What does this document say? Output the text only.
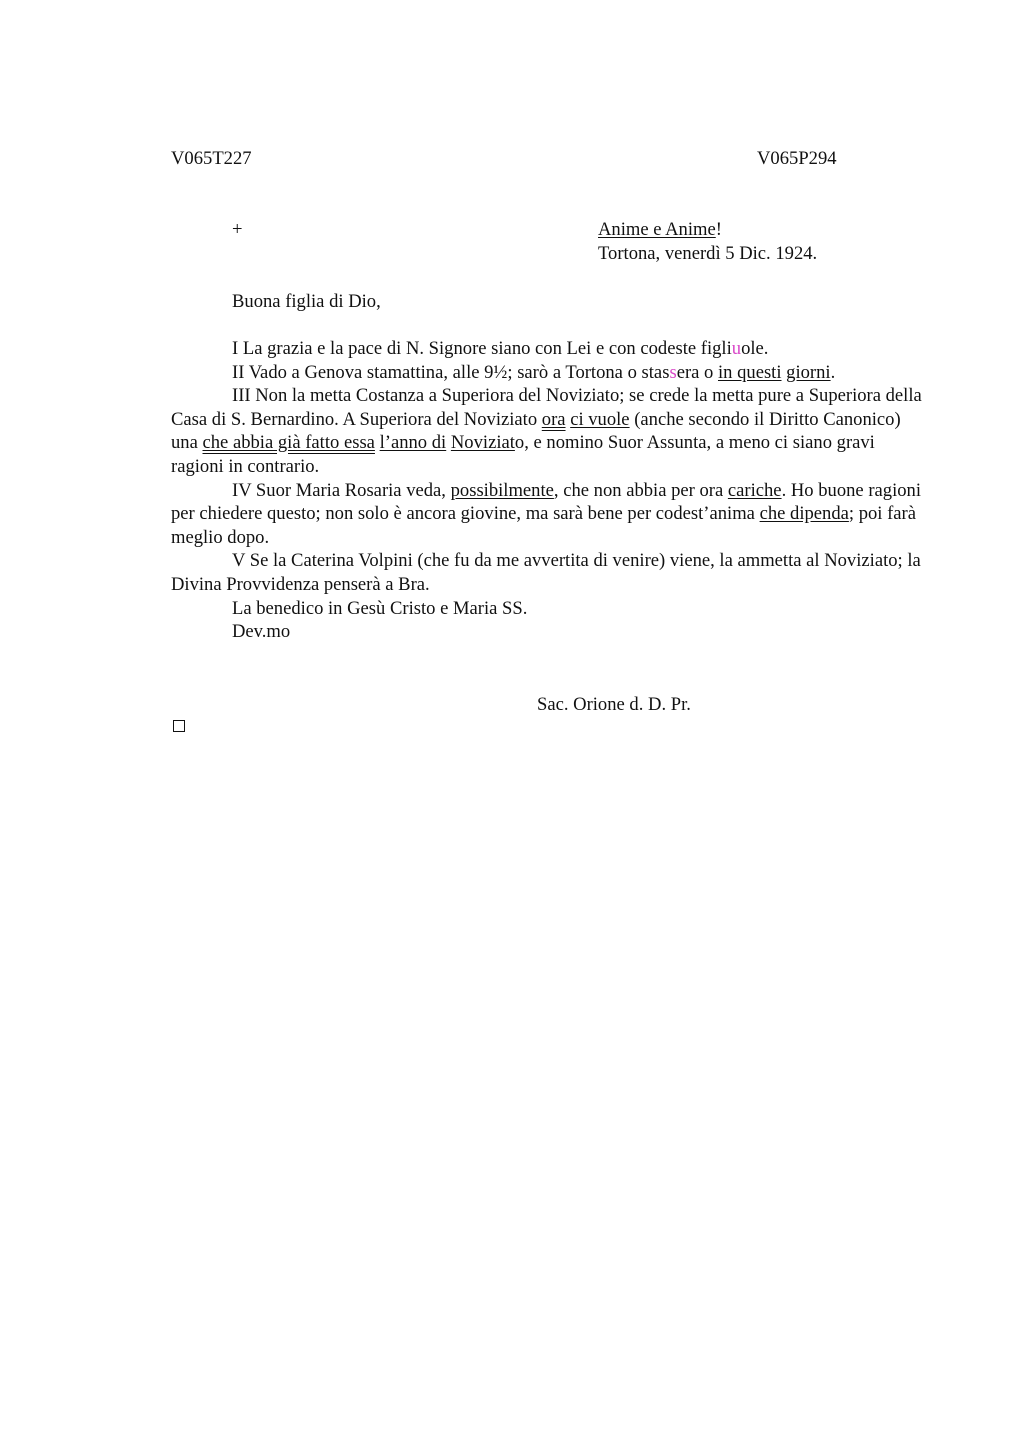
V065T227	V065P294
+	Anime e Anime!
Tortona, venerdì 5 Dic. 1924.
Buona figlia di Dio,

I La grazia e la pace di N. Signore siano con Lei e con codeste figliuole.

II Vado a Genova stamattina, alle 9½; sarò a Tortona o stassera o in questi giorni.

III Non la metta Costanza a Superiora del Noviziato; se crede la metta pure a Superiora della Casa di S. Bernardino. A Superiora del Noviziato ora ci vuole (anche secondo il Diritto Canonico) una che abbia già fatto essa l’anno di Noviziato, e nomino Suor Assunta, a meno ci siano gravi ragioni in contrario.

IV Suor Maria Rosaria veda, possibilmente, che non abbia per ora cariche. Ho buone ragioni per chiedere questo; non solo è ancora giovine, ma sarà bene per codest’anima che dipenda; poi farà meglio dopo.

V Se la Caterina Volpini (che fu da me avvertita di venire) viene, la ammetta al Noviziato; la Divina Provvidenza penserà a Bra.

La benedico in Gesù Cristo e Maria SS.

Dev.mo

Sac. Orione d. D. Pr.
